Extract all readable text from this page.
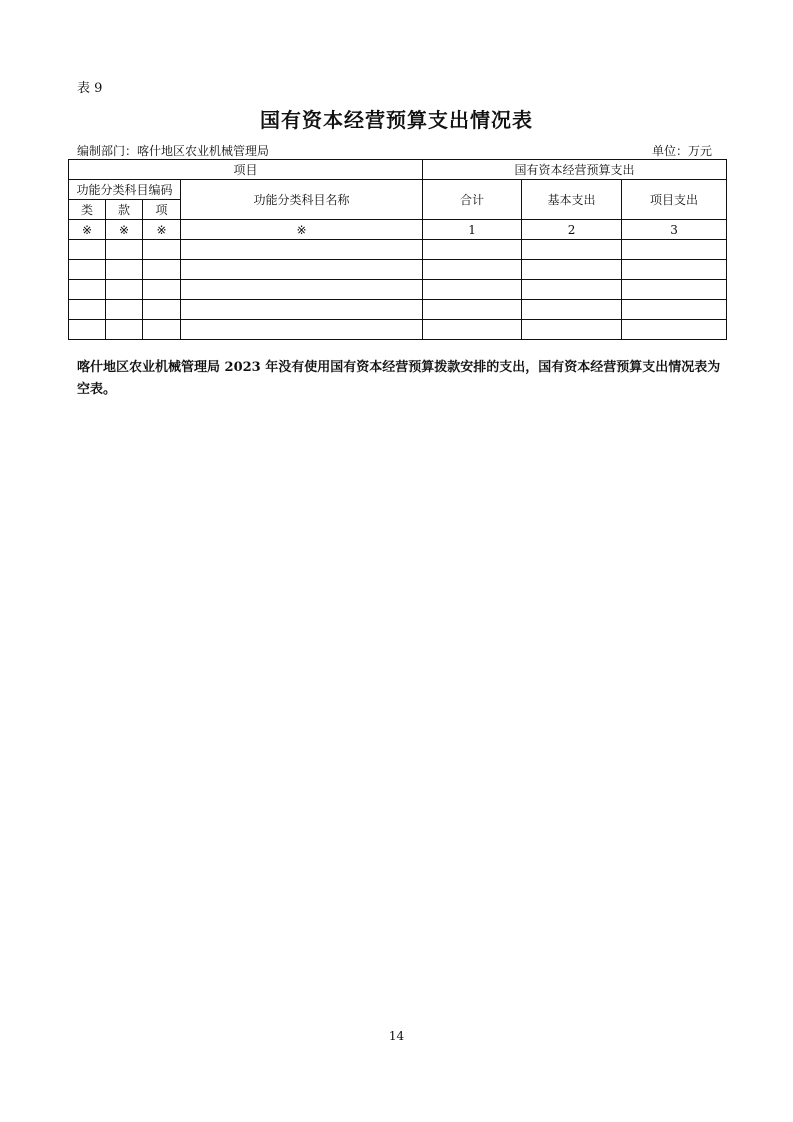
表 9
国有资本经营预算支出情况表
编制部门：喀什地区农业机械管理局	单位：万元
项目				国有资本经营预算支出		
功能分类科目编码			功能分类科目名称	合计	基本支出	项目支出
类	款	项				
※	※	※	※	1	2	3

喀什地区农业机械管理局 2023 年没有使用国有资本经营预算拨款安排的支出，国有资本经营预算支出情况表为空表。
14
